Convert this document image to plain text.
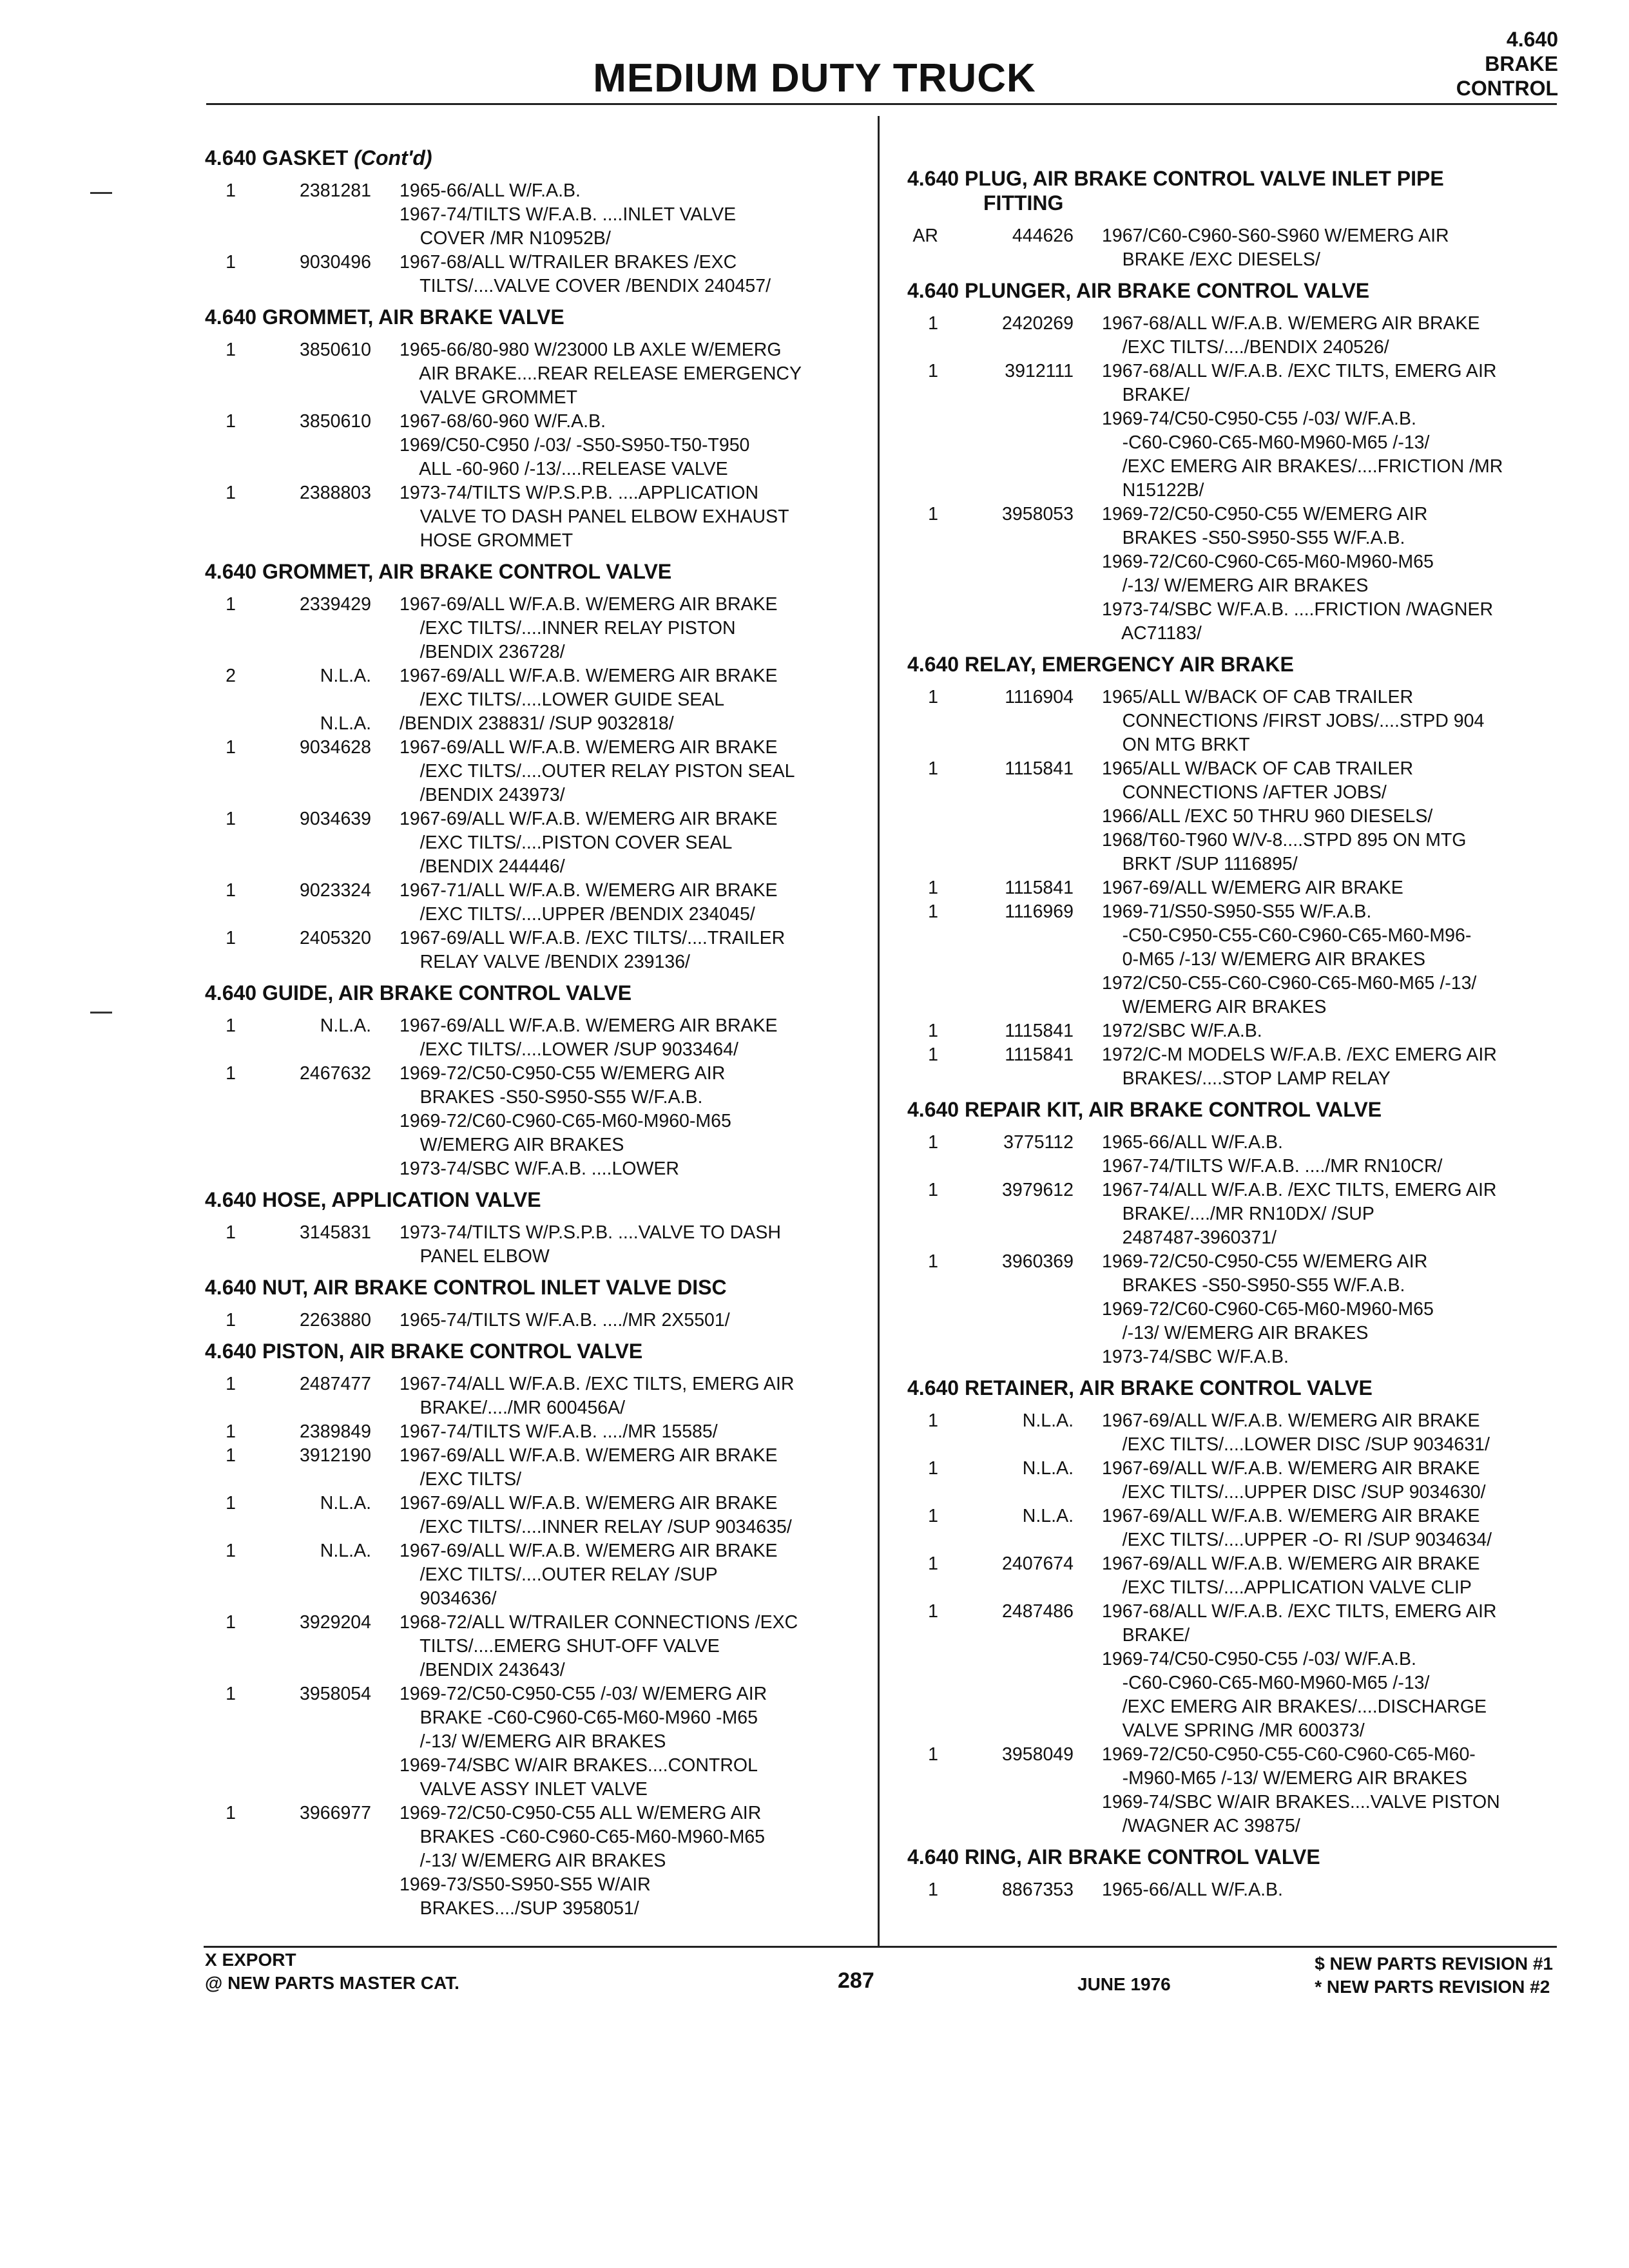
MEDIUM DUTY TRUCK
4.640
BRAKE
CONTROL
4.640 GASKET (Cont'd)
1	2381281	1965-66/ALL W/F.A.B.
1967-74/TILTS W/F.A.B. ....INLET VALVE
COVER /MR N10952B/
1	9030496	1967-68/ALL W/TRAILER BRAKES /EXC
TILTS/....VALVE COVER /BENDIX 240457/
4.640 GROMMET, AIR BRAKE VALVE
1	3850610	1965-66/80-980 W/23000 LB AXLE W/EMERG
AIR BRAKE....REAR RELEASE EMERGENCY
VALVE GROMMET
1	3850610	1967-68/60-960 W/F.A.B.
1969/C50-C950 /-03/ -S50-S950-T50-T950
ALL -60-960 /-13/....RELEASE VALVE
1	2388803	1973-74/TILTS W/P.S.P.B. ....APPLICATION
VALVE TO DASH PANEL ELBOW EXHAUST
HOSE GROMMET
4.640 GROMMET, AIR BRAKE CONTROL VALVE
1	2339429	1967-69/ALL W/F.A.B. W/EMERG AIR BRAKE
/EXC TILTS/....INNER RELAY PISTON
/BENDIX 236728/
2	N.L.A.	1967-69/ALL W/F.A.B. W/EMERG AIR BRAKE
/EXC TILTS/....LOWER GUIDE SEAL
N.L.A.	/BENDIX 238831/ /SUP 9032818/
1	9034628	1967-69/ALL W/F.A.B. W/EMERG AIR BRAKE
/EXC TILTS/....OUTER RELAY PISTON SEAL
/BENDIX 243973/
1	9034639	1967-69/ALL W/F.A.B. W/EMERG AIR BRAKE
/EXC TILTS/....PISTON COVER SEAL
/BENDIX 244446/
1	9023324	1967-71/ALL W/F.A.B. W/EMERG AIR BRAKE
/EXC TILTS/....UPPER /BENDIX 234045/
1	2405320	1967-69/ALL W/F.A.B. /EXC TILTS/....TRAILER
RELAY VALVE /BENDIX 239136/
4.640 GUIDE, AIR BRAKE CONTROL VALVE
1	N.L.A.	1967-69/ALL W/F.A.B. W/EMERG AIR BRAKE
/EXC TILTS/....LOWER /SUP 9033464/
1	2467632	1969-72/C50-C950-C55 W/EMERG AIR
BRAKES -S50-S950-S55 W/F.A.B.
1969-72/C60-C960-C65-M60-M960-M65
W/EMERG AIR BRAKES
1973-74/SBC W/F.A.B. ....LOWER
4.640 HOSE, APPLICATION VALVE
1	3145831	1973-74/TILTS W/P.S.P.B. ....VALVE TO DASH
PANEL ELBOW
4.640 NUT, AIR BRAKE CONTROL INLET VALVE DISC
1	2263880	1965-74/TILTS W/F.A.B. ..../MR 2X5501/
4.640 PISTON, AIR BRAKE CONTROL VALVE
1	2487477	1967-74/ALL W/F.A.B. /EXC TILTS, EMERG AIR
BRAKE/..../MR 600456A/
1	2389849	1967-74/TILTS W/F.A.B. ..../MR 15585/
1	3912190	1967-69/ALL W/F.A.B. W/EMERG AIR BRAKE
/EXC TILTS/
1	N.L.A.	1967-69/ALL W/F.A.B. W/EMERG AIR BRAKE
/EXC TILTS/....INNER RELAY /SUP 9034635/
1	N.L.A.	1967-69/ALL W/F.A.B. W/EMERG AIR BRAKE
/EXC TILTS/....OUTER RELAY /SUP
9034636/
1	3929204	1968-72/ALL W/TRAILER CONNECTIONS /EXC
TILTS/....EMERG SHUT-OFF VALVE
/BENDIX 243643/
1	3958054	1969-72/C50-C950-C55 /-03/ W/EMERG AIR
BRAKE -C60-C960-C65-M60-M960 -M65
/-13/ W/EMERG AIR BRAKES
1969-74/SBC W/AIR BRAKES....CONTROL
VALVE ASSY INLET VALVE
1	3966977	1969-72/C50-C950-C55 ALL W/EMERG AIR
BRAKES -C60-C960-C65-M60-M960-M65
/-13/ W/EMERG AIR BRAKES
1969-73/S50-S950-S55 W/AIR
BRAKES..../SUP 3958051/
4.640 PLUG, AIR BRAKE CONTROL VALVE INLET PIPE
FITTING
AR	444626	1967/C60-C960-S60-S960 W/EMERG AIR
BRAKE /EXC DIESELS/
4.640 PLUNGER, AIR BRAKE CONTROL VALVE
1	2420269	1967-68/ALL W/F.A.B. W/EMERG AIR BRAKE
/EXC TILTS/..../BENDIX 240526/
1	3912111	1967-68/ALL W/F.A.B. /EXC TILTS, EMERG AIR
BRAKE/
1969-74/C50-C950-C55 /-03/ W/F.A.B.
-C60-C960-C65-M60-M960-M65 /-13/
/EXC EMERG AIR BRAKES/....FRICTION /MR
N15122B/
1	3958053	1969-72/C50-C950-C55 W/EMERG AIR
BRAKES -S50-S950-S55 W/F.A.B.
1969-72/C60-C960-C65-M60-M960-M65
/-13/ W/EMERG AIR BRAKES
1973-74/SBC W/F.A.B. ....FRICTION /WAGNER
AC71183/
4.640 RELAY, EMERGENCY AIR BRAKE
1	1116904	1965/ALL W/BACK OF CAB TRAILER
CONNECTIONS /FIRST JOBS/....STPD 904
ON MTG BRKT
1	1115841	1965/ALL W/BACK OF CAB TRAILER
CONNECTIONS /AFTER JOBS/
1966/ALL /EXC 50 THRU 960 DIESELS/
1968/T60-T960 W/V-8....STPD 895 ON MTG
BRKT /SUP 1116895/
1	1115841	1967-69/ALL W/EMERG AIR BRAKE
1	1116969	1969-71/S50-S950-S55 W/F.A.B.
-C50-C950-C55-C60-C960-C65-M60-M96-
0-M65 /-13/ W/EMERG AIR BRAKES
1972/C50-C55-C60-C960-C65-M60-M65 /-13/
W/EMERG AIR BRAKES
1	1115841	1972/SBC W/F.A.B.
1	1115841	1972/C-M MODELS W/F.A.B. /EXC EMERG AIR
BRAKES/....STOP LAMP RELAY
4.640 REPAIR KIT, AIR BRAKE CONTROL VALVE
1	3775112	1965-66/ALL W/F.A.B.
1967-74/TILTS W/F.A.B. ..../MR RN10CR/
1	3979612	1967-74/ALL W/F.A.B. /EXC TILTS, EMERG AIR
BRAKE/..../MR RN10DX/ /SUP
2487487-3960371/
1	3960369	1969-72/C50-C950-C55 W/EMERG AIR
BRAKES -S50-S950-S55 W/F.A.B.
1969-72/C60-C960-C65-M60-M960-M65
/-13/ W/EMERG AIR BRAKES
1973-74/SBC W/F.A.B.
4.640 RETAINER, AIR BRAKE CONTROL VALVE
1	N.L.A.	1967-69/ALL W/F.A.B. W/EMERG AIR BRAKE
/EXC TILTS/....LOWER DISC /SUP 9034631/
1	N.L.A.	1967-69/ALL W/F.A.B. W/EMERG AIR BRAKE
/EXC TILTS/....UPPER DISC /SUP 9034630/
1	N.L.A.	1967-69/ALL W/F.A.B. W/EMERG AIR BRAKE
/EXC TILTS/....UPPER -O- RI /SUP 9034634/
1	2407674	1967-69/ALL W/F.A.B. W/EMERG AIR BRAKE
/EXC TILTS/....APPLICATION VALVE CLIP
1	2487486	1967-68/ALL W/F.A.B. /EXC TILTS, EMERG AIR
BRAKE/
1969-74/C50-C950-C55 /-03/ W/F.A.B.
-C60-C960-C65-M60-M960-M65 /-13/
/EXC EMERG AIR BRAKES/....DISCHARGE
VALVE SPRING /MR 600373/
1	3958049	1969-72/C50-C950-C55-C60-C960-C65-M60-
-M960-M65 /-13/ W/EMERG AIR BRAKES
1969-74/SBC W/AIR BRAKES....VALVE PISTON
/WAGNER AC 39875/
4.640 RING, AIR BRAKE CONTROL VALVE
1	8867353	1965-66/ALL W/F.A.B.
X EXPORT
@ NEW PARTS MASTER CAT.	287	JUNE 1976
$ NEW PARTS REVISION #1
* NEW PARTS REVISION #2
